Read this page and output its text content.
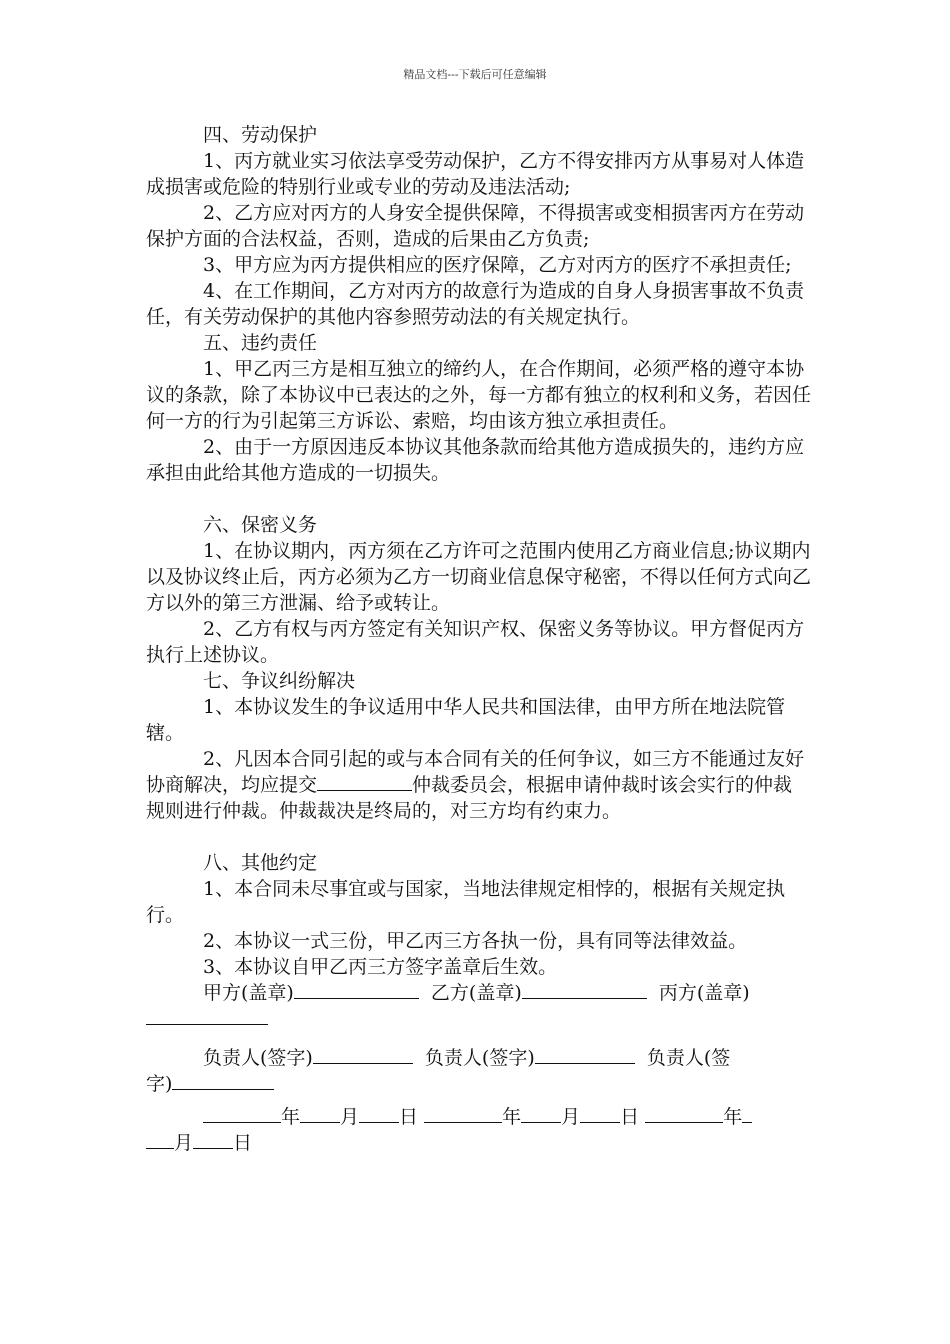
精品文档---下载后可任意编辑

四、劳动保护

1、丙方就业实习依法享受劳动保护，乙方不得安排丙方从事易对人体造成损害或危险的特别行业或专业的劳动及违法活动;

2、乙方应对丙方的人身安全提供保障，不得损害或变相损害丙方在劳动保护方面的合法权益，否则，造成的后果由乙方负责;

3、甲方应为丙方提供相应的医疗保障，乙方对丙方的医疗不承担责任;

4、在工作期间，乙方对丙方的故意行为造成的自身人身损害事故不负责任，有关劳动保护的其他内容参照劳动法的有关规定执行。

五、违约责任

1、甲乙丙三方是相互独立的缔约人，在合作期间，必须严格的遵守本协议的条款，除了本协议中已表达的之外，每一方都有独立的权利和义务，若因任何一方的行为引起第三方诉讼、索赔，均由该方独立承担责任。

2、由于一方原因违反本协议其他条款而给其他方造成损失的，违约方应承担由此给其他方造成的一切损失。

六、保密义务

1、在协议期内，丙方须在乙方许可之范围内使用乙方商业信息;协议期内以及协议终止后，丙方必须为乙方一切商业信息保守秘密，不得以任何方式向乙方以外的第三方泄漏、给予或转让。

2、乙方有权与丙方签定有关知识产权、保密义务等协议。甲方督促丙方执行上述协议。

七、争议纠纷解决

1、本协议发生的争议适用中华人民共和国法律，由甲方所在地法院管辖。

2、凡因本合同引起的或与本合同有关的任何争议，如三方不能通过友好协商解决，均应提交	仲裁委员会，根据申请仲裁时该会实行的仲裁规则进行仲裁。仲裁裁决是终局的，对三方均有约束力。

八、其他约定

1、本合同未尽事宜或与国家，当地法律规定相悖的，根据有关规定执行。

2、本协议一式三份，甲乙丙三方各执一份，具有同等法律效益。

3、本协议自甲乙丙三方签字盖章后生效。

甲方(盖章)	乙方(盖章)	丙方(盖章)

负责人(签字)	负责人(签字)	负责人(签

字)

年 月 日	年 月 日	年

月 日
